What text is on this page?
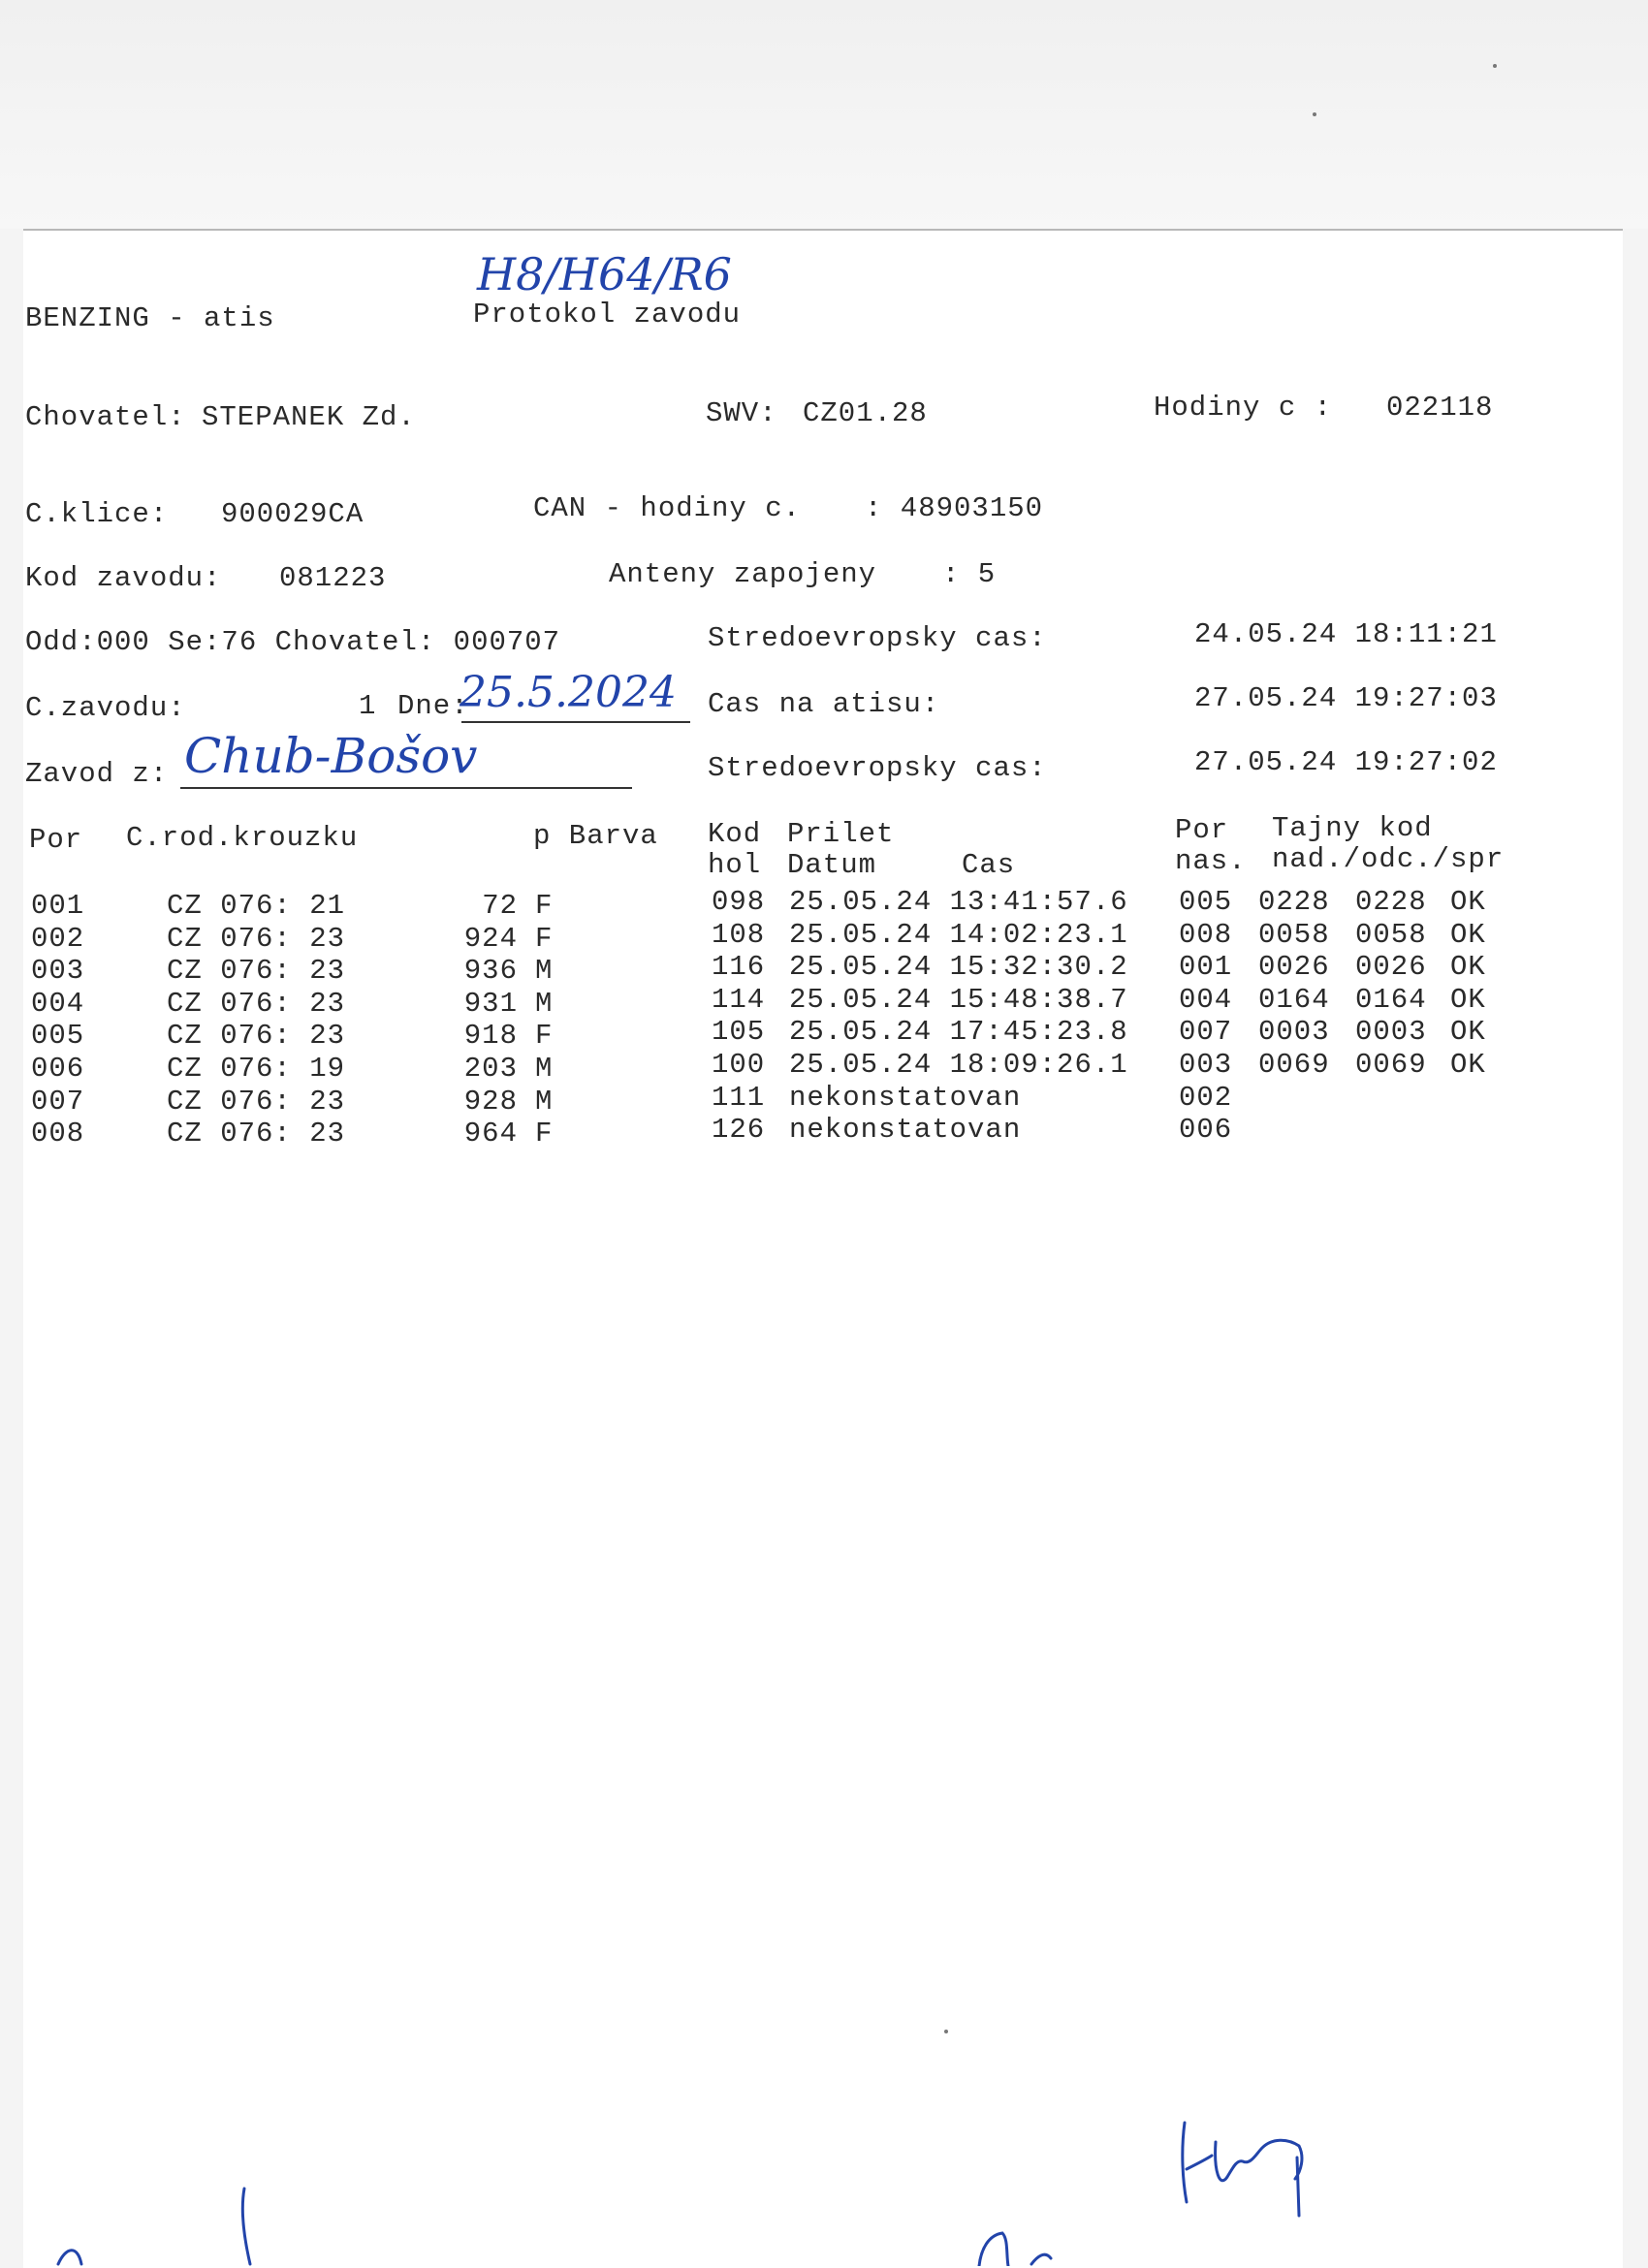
BENZING - atis	Protokol zavodu
H8/H64/R6
Chovatel: STEPANEK Zd.	SWV: CZ01.28	Hodiny c : 022118
C.klice: 900029CA	CAN - hodiny c. : 48903150
Kod zavodu: 081223	Anteny zapojeny : 5
Odd:000 Se:76 Chovatel: 000707	Stredoevropsky cas:	24.05.24 18:11:21
C.zavodu:	1 Dne:
25.5.2024 Cas na atisu:	27.05.24 19:27:03
Zavod z: Chub-Bošov	Stredoevropsky cas:	27.05.24 19:27:02
Por C.rod.krouzku	p Barva Kod
hol
Prilet
Datum	Cas
Por
nas.
Tajny kod
nad./odc./spr
001	CZ 076: 21	72 F	098 25.05.24 13:41:57.6 005 0228 0228 OK
002	CZ 076: 23	924 F	108 25.05.24 14:02:23.1 008 0058 0058 OK
003	CZ 076: 23	936 M	116 25.05.24 15:32:30.2 001 0026 0026 OK
004	CZ 076: 23	931 M	114 25.05.24 15:48:38.7 004 0164 0164 OK
005	CZ 076: 23	918 F	105 25.05.24 17:45:23.8 007 0003 0003 OK
006	CZ 076: 19	203 M	100 25.05.24 18:09:26.1 003 0069 0069 OK
007	CZ 076: 23	928 M	111 nekonstatovan	002
008	CZ 076: 23	964 F	126 nekonstatovan	006
